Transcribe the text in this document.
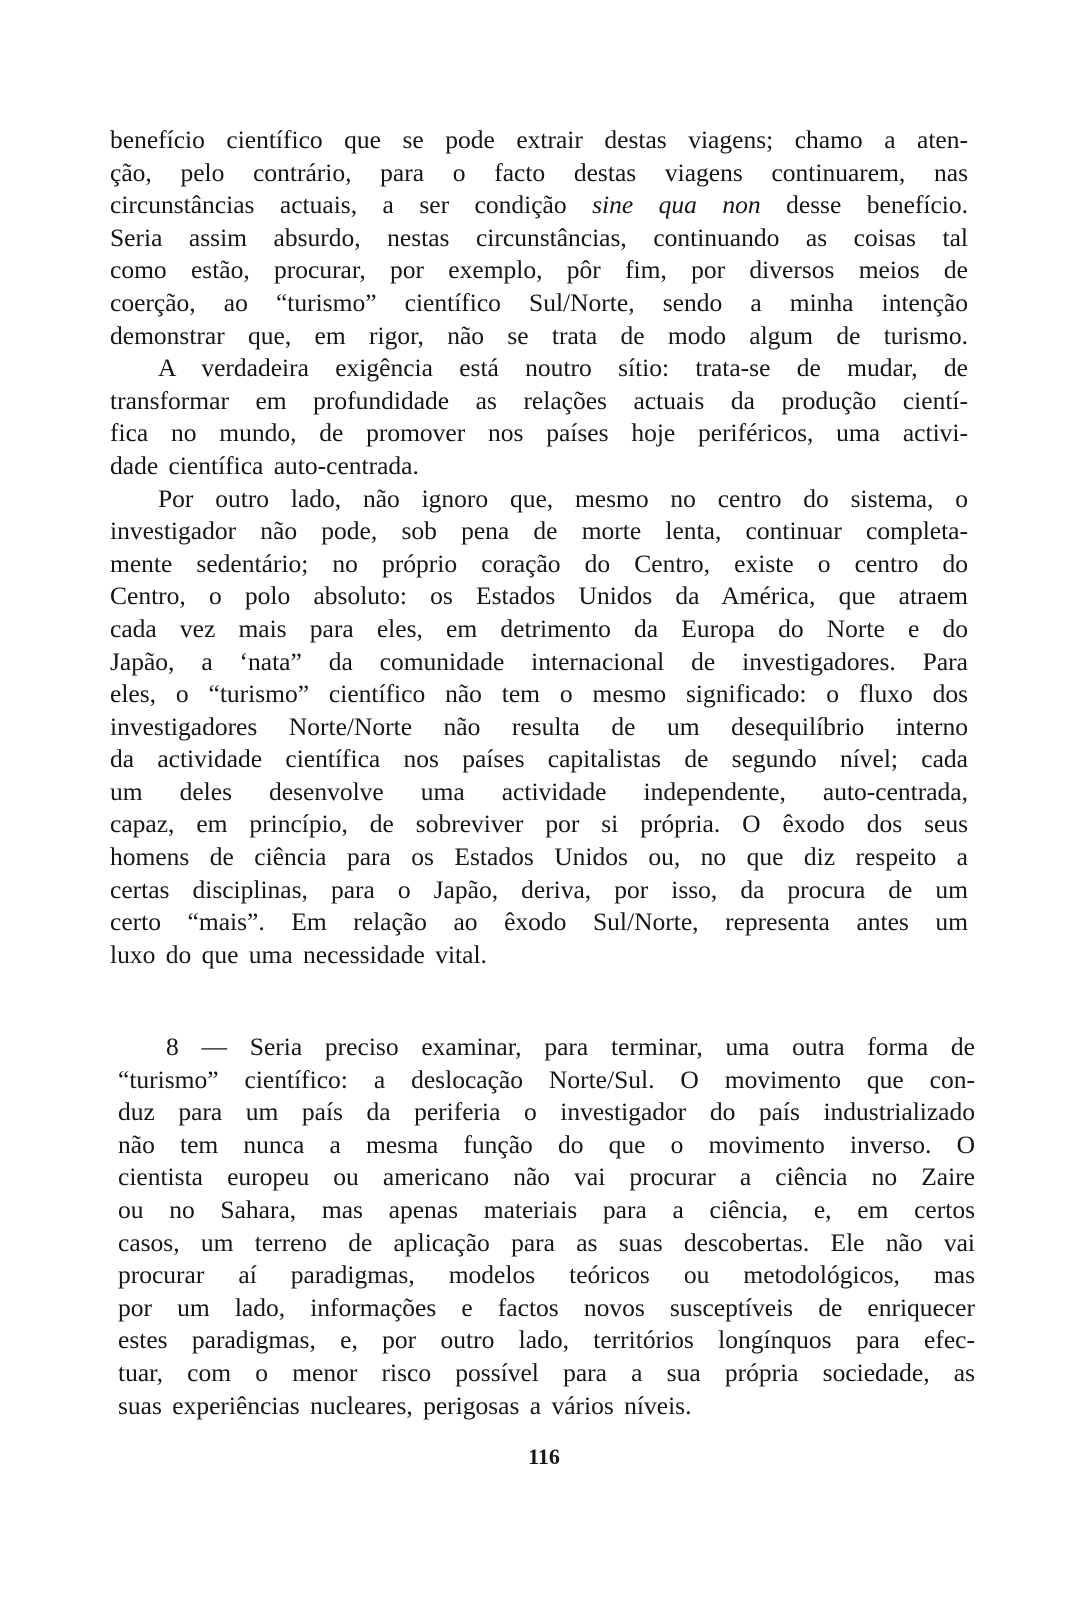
benefício científico que se pode extrair destas viagens; chamo a aten-
ção, pelo contrário, para o facto destas viagens continuarem, nas
circunstâncias actuais, a ser condição sine qua non desse benefício.
Seria assim absurdo, nestas circunstâncias, continuando as coisas tal
como estão, procurar, por exemplo, pôr fim, por diversos meios de
coerção, ao “turismo” científico Sul/Norte, sendo a minha intenção
demonstrar que, em rigor, não se trata de modo algum de turismo.
A verdadeira exigência está noutro sítio: trata-se de mudar, de
transformar em profundidade as relações actuais da produção cientí-
fica no mundo, de promover nos países hoje periféricos, uma activi-
dade científica auto-centrada.
Por outro lado, não ignoro que, mesmo no centro do sistema, o
investigador não pode, sob pena de morte lenta, continuar completa-
mente sedentário; no próprio coração do Centro, existe o centro do
Centro, o polo absoluto: os Estados Unidos da América, que atraem
cada vez mais para eles, em detrimento da Europa do Norte e do
Japão, a ‘nata” da comunidade internacional de investigadores. Para
eles, o “turismo” científico não tem o mesmo significado: o fluxo dos
investigadores Norte/Norte não resulta de um desequilíbrio interno
da actividade científica nos países capitalistas de segundo nível; cada
um deles desenvolve uma actividade independente, auto-centrada,
capaz, em princípio, de sobreviver por si própria. O êxodo dos seus
homens de ciência para os Estados Unidos ou, no que diz respeito a
certas disciplinas, para o Japão, deriva, por isso, da procura de um
certo “mais”. Em relação ao êxodo Sul/Norte, representa antes um
luxo do que uma necessidade vital.
8 — Seria preciso examinar, para terminar, uma outra forma de
“turismo” científico: a deslocação Norte/Sul. O movimento que con-
duz para um país da periferia o investigador do país industrializado
não tem nunca a mesma função do que o movimento inverso. O
cientista europeu ou americano não vai procurar a ciência no Zaire
ou no Sahara, mas apenas materiais para a ciência, e, em certos
casos, um terreno de aplicação para as suas descobertas. Ele não vai
procurar aí paradigmas, modelos teóricos ou metodológicos, mas
por um lado, informações e factos novos susceptíveis de enriquecer
estes paradigmas, e, por outro lado, territórios longínquos para efec-
tuar, com o menor risco possível para a sua própria sociedade, as
suas experiências nucleares, perigosas a vários níveis.
116
